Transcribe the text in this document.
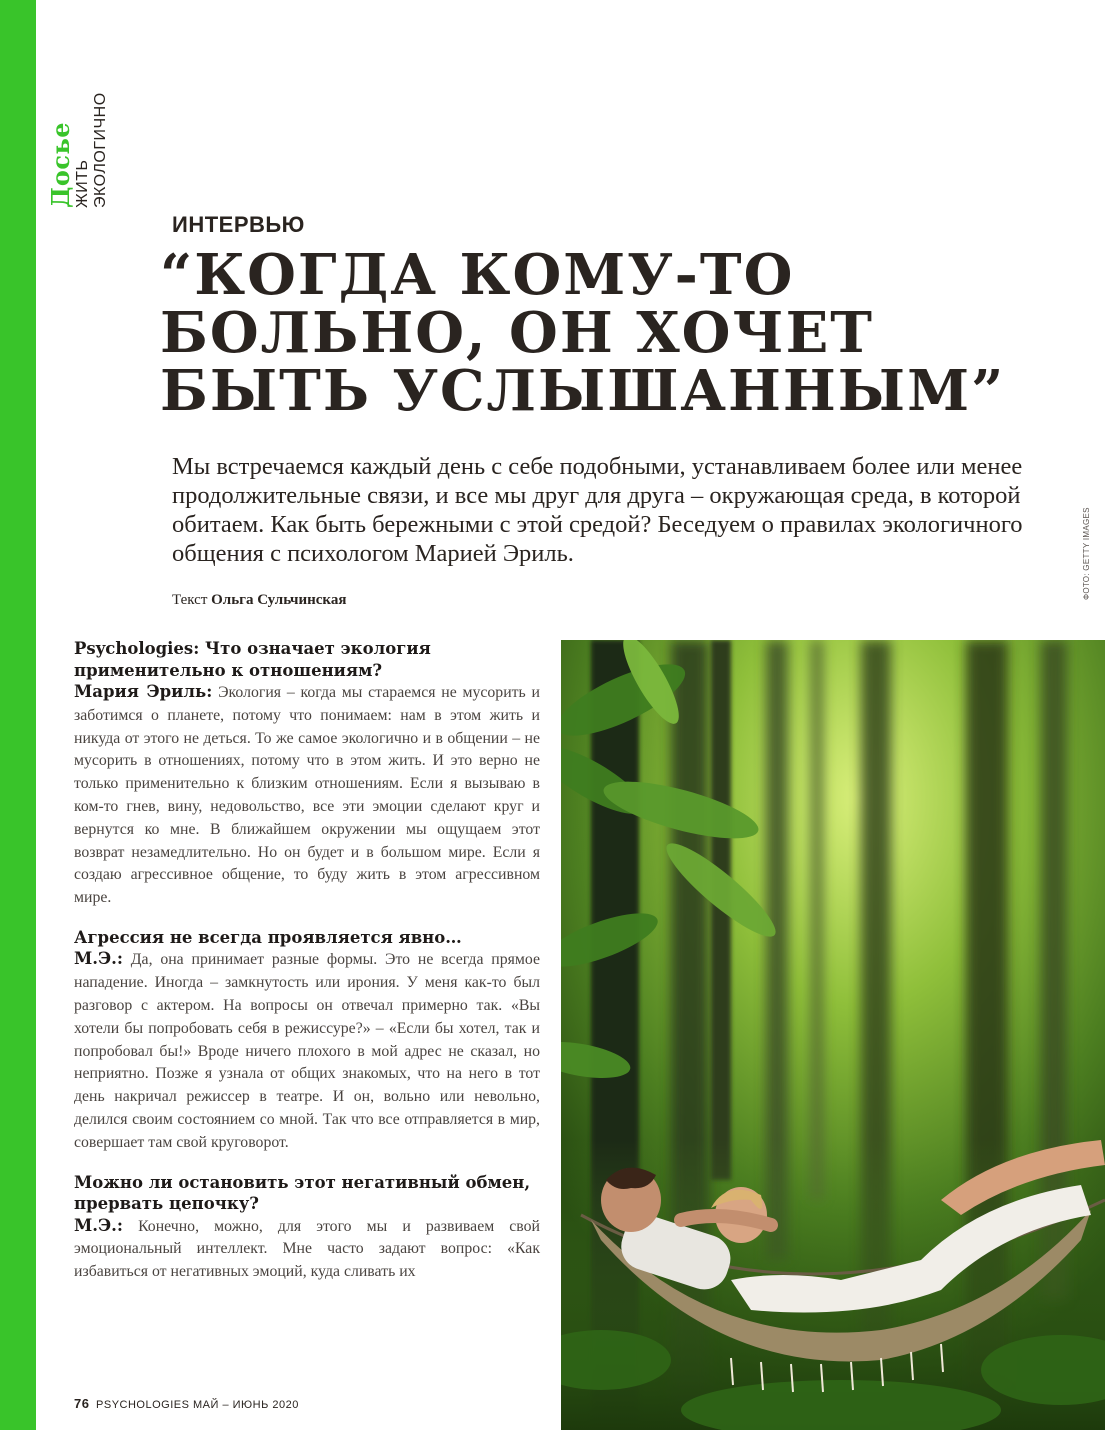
Досье ЖИТЬ ЭКОЛОГИЧНО
ИНТЕРВЬЮ
“КОГДА КОМУ-ТО
БОЛЬНО, ОН ХОЧЕТ
БЫТЬ УСЛЫШАННЫМ”
Мы встречаемся каждый день с себе подобными, устанавливаем более или менее продолжительные связи, и все мы друг для друга – окружающая среда, в которой обитаем. Как быть бережными с этой средой? Беседуем о правилах экологичного общения с психологом Марией Эриль.
Текст Ольга Сульчинская	ФОТО: GETTY IMAGES

Psychologies: Что означает экология применительно к отношениям?

Мария Эриль: Экология – когда мы стараемся не мусорить и заботимся о планете, потому что понимаем: нам в этом жить и никуда от этого не деться. То же самое экологично и в общении – не мусорить в отношениях, потому что в этом жить. И это верно не только применительно к близким отношениям. Если я вызываю в ком-то гнев, вину, недовольство, все эти эмоции сделают круг и вернутся ко мне. В ближайшем окружении мы ощущаем этот возврат незамедлительно. Но он будет и в большом мире. Если я создаю агрессивное общение, то буду жить в этом агрессивном мире.

Агрессия не всегда проявляется явно…

М.Э.: Да, она принимает разные формы. Это не всегда прямое нападение. Иногда – замкнутость или ирония. У меня как-то был разговор с актером. На вопросы он отвечал примерно так. «Вы хотели бы попробовать себя в режиссуре?» – «Если бы хотел, так и попробовал бы!» Вроде ничего плохого в мой адрес не сказал, но неприятно. Позже я узнала от общих знакомых, что на него в тот день накричал режиссер в театре. И он, вольно или невольно, делился своим состоянием со мной. Так что все отправляется в мир, совершает там свой круговорот.

Можно ли остановить этот негативный обмен, прервать цепочку?

М.Э.: Конечно, можно, для этого мы и развиваем свой эмоциональный интеллект. Мне часто задают вопрос: «Как избавиться от негативных эмоций, куда сливать их

76 PSYCHOLOGIES МАЙ – ИЮНЬ 2020
